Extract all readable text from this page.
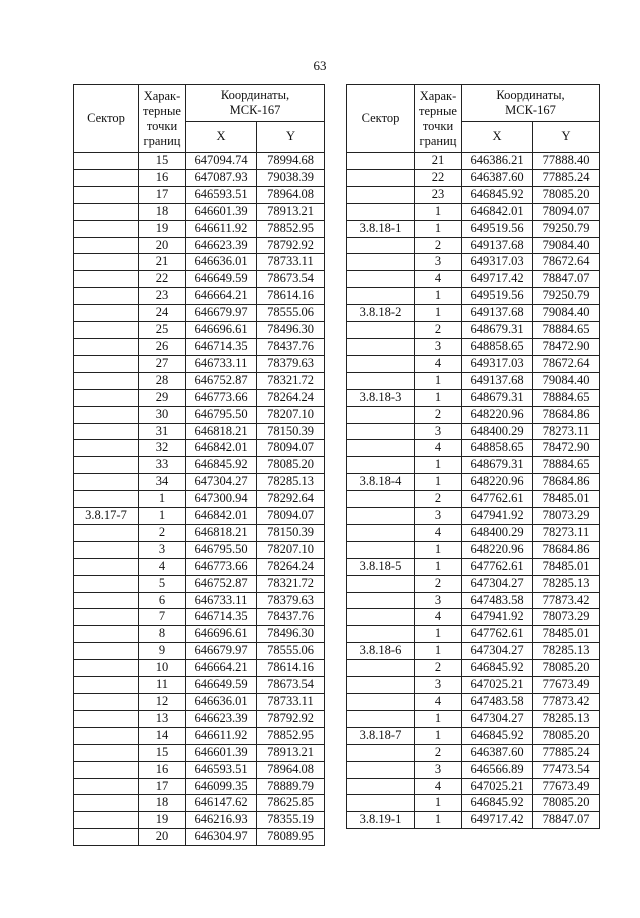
63
Сектор	Харак-
терные
точки
границ	Координаты,
МСК-167	
		X	Y
	15	647094.74	78994.68
	16	647087.93	79038.39
	17	646593.51	78964.08
	18	646601.39	78913.21
	19	646611.92	78852.95
	20	646623.39	78792.92
	21	646636.01	78733.11
	22	646649.59	78673.54
	23	646664.21	78614.16
	24	646679.97	78555.06
	25	646696.61	78496.30
	26	646714.35	78437.76
	27	646733.11	78379.63
	28	646752.87	78321.72
	29	646773.66	78264.24
	30	646795.50	78207.10
	31	646818.21	78150.39
	32	646842.01	78094.07
	33	646845.92	78085.20
	34	647304.27	78285.13
	1	647300.94	78292.64
3.8.17-7	1	646842.01	78094.07
	2	646818.21	78150.39
	3	646795.50	78207.10
	4	646773.66	78264.24
	5	646752.87	78321.72
	6	646733.11	78379.63
	7	646714.35	78437.76
	8	646696.61	78496.30
	9	646679.97	78555.06
	10	646664.21	78614.16
	11	646649.59	78673.54
	12	646636.01	78733.11
	13	646623.39	78792.92
	14	646611.92	78852.95
	15	646601.39	78913.21
	16	646593.51	78964.08
	17	646099.35	78889.79
	18	646147.62	78625.85
	19	646216.93	78355.19
	20	646304.97	78089.95
Сектор	Харак-
терные
точки
границ	Координаты,
МСК-167	
		X	Y
	21	646386.21	77888.40
	22	646387.60	77885.24
	23	646845.92	78085.20
	1	646842.01	78094.07
3.8.18-1	1	649519.56	79250.79
	2	649137.68	79084.40
	3	649317.03	78672.64
	4	649717.42	78847.07
	1	649519.56	79250.79
3.8.18-2	1	649137.68	79084.40
	2	648679.31	78884.65
	3	648858.65	78472.90
	4	649317.03	78672.64
	1	649137.68	79084.40
3.8.18-3	1	648679.31	78884.65
	2	648220.96	78684.86
	3	648400.29	78273.11
	4	648858.65	78472.90
	1	648679.31	78884.65
3.8.18-4	1	648220.96	78684.86
	2	647762.61	78485.01
	3	647941.92	78073.29
	4	648400.29	78273.11
	1	648220.96	78684.86
3.8.18-5	1	647762.61	78485.01
	2	647304.27	78285.13
	3	647483.58	77873.42
	4	647941.92	78073.29
	1	647762.61	78485.01
3.8.18-6	1	647304.27	78285.13
	2	646845.92	78085.20
	3	647025.21	77673.49
	4	647483.58	77873.42
	1	647304.27	78285.13
3.8.18-7	1	646845.92	78085.20
	2	646387.60	77885.24
	3	646566.89	77473.54
	4	647025.21	77673.49
	1	646845.92	78085.20
3.8.19-1	1	649717.42	78847.07
